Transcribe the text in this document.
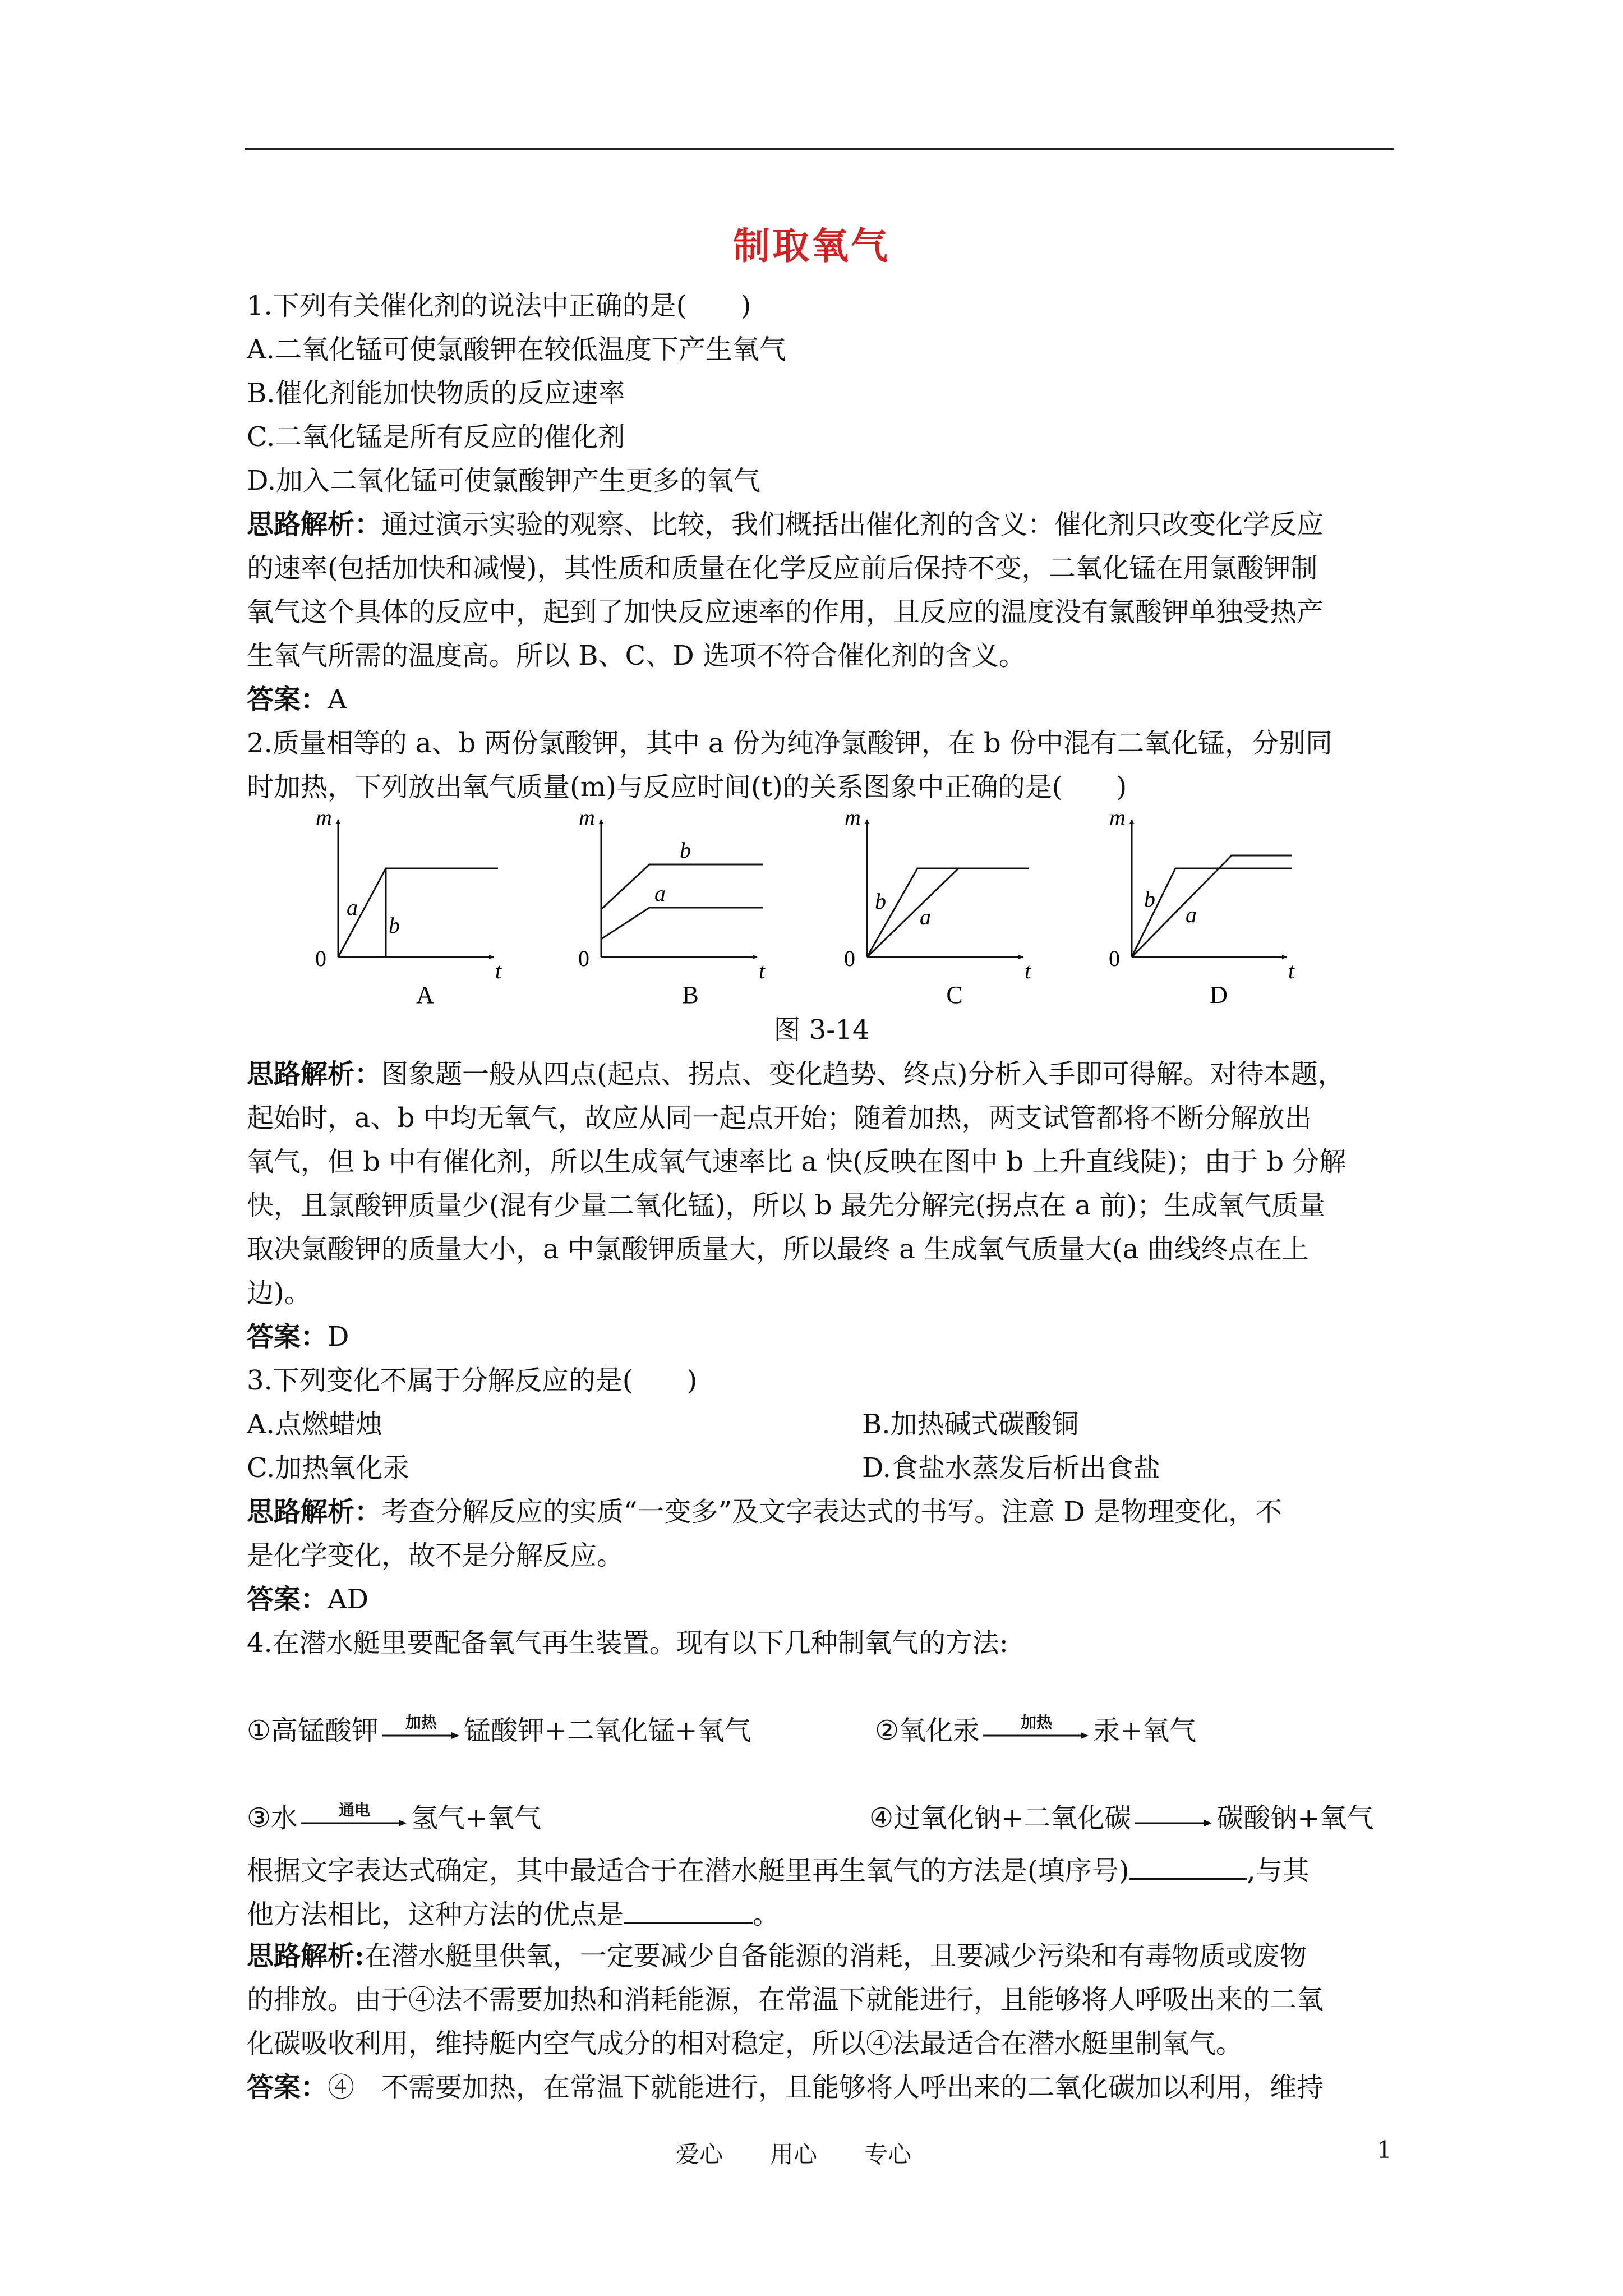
制取氧气
1.下列有关催化剂的说法中正确的是(　　)
A.二氧化锰可使氯酸钾在较低温度下产生氧气
B.催化剂能加快物质的反应速率
C.二氧化锰是所有反应的催化剂
D.加入二氧化锰可使氯酸钾产生更多的氧气
思路解析：通过演示实验的观察、比较，我们概括出催化剂的含义：催化剂只改变化学反应
的速率(包括加快和减慢)，其性质和质量在化学反应前后保持不变，二氧化锰在用氯酸钾制
氧气这个具体的反应中，起到了加快反应速率的作用，且反应的温度没有氯酸钾单独受热产
生氧气所需的温度高。所以 B、C、D 选项不符合催化剂的含义。
答案：A
2.质量相等的 a、b 两份氯酸钾，其中 a 份为纯净氯酸钾，在 b 份中混有二氧化锰，分别同
时加热，下列放出氧气质量(m)与反应时间(t)的关系图象中正确的是(　　)
m
0	t
a
b
m
0	t
b
a
m
0	t
b
a
m
0	t
b
a
A	B	C	D
图 3-14
思路解析：图象题一般从四点(起点、拐点、变化趋势、终点)分析入手即可得解。对待本题，
起始时，a、b 中均无氧气，故应从同一起点开始；随着加热，两支试管都将不断分解放出
氧气，但 b 中有催化剂，所以生成氧气速率比 a 快(反映在图中 b 上升直线陡)；由于 b 分解
快，且氯酸钾质量少(混有少量二氧化锰)，所以 b 最先分解完(拐点在 a 前)；生成氧气质量
取决氯酸钾的质量大小，a 中氯酸钾质量大，所以最终 a 生成氧气质量大(a 曲线终点在上
边)。
答案：D
3.下列变化不属于分解反应的是(　　)
A.点燃蜡烛	B.加热碱式碳酸铜
C.加热氧化汞	D.食盐水蒸发后析出食盐
思路解析：考查分解反应的实质“一变多”及文字表达式的书写。注意 D 是物理变化，不
是化学变化，故不是分解反应。
答案：AD
4.在潜水艇里要配备氧气再生装置。现有以下几种制氧气的方法:
① 高锰酸钾 加热 锰酸钾+二氧化锰+氧气	② 氧化汞	加热 汞+氧气
③ 水	通电 氢气+氧气	④ 过氧化钠+二氧化碳 → 碳酸钠+氧气
根据文字表达式确定，其中最适合于在潜水艇里再生氧气的方法是(填序号)	,与其
他方法相比，这种方法的优点是	。
思路解析:在潜水艇里供氧，一定要减少自备能源的消耗，且要减少污染和有毒物质或废物
的排放。由于④法不需要加热和消耗能源，在常温下就能进行，且能够将人呼吸出来的二氧
化碳吸收利用，维持艇内空气成分的相对稳定，所以④法最适合在潜水艇里制氧气。
答案：④　不需要加热，在常温下就能进行，且能够将人呼出来的二氧化碳加以利用，维持
爱心　　用心　　专心	1
